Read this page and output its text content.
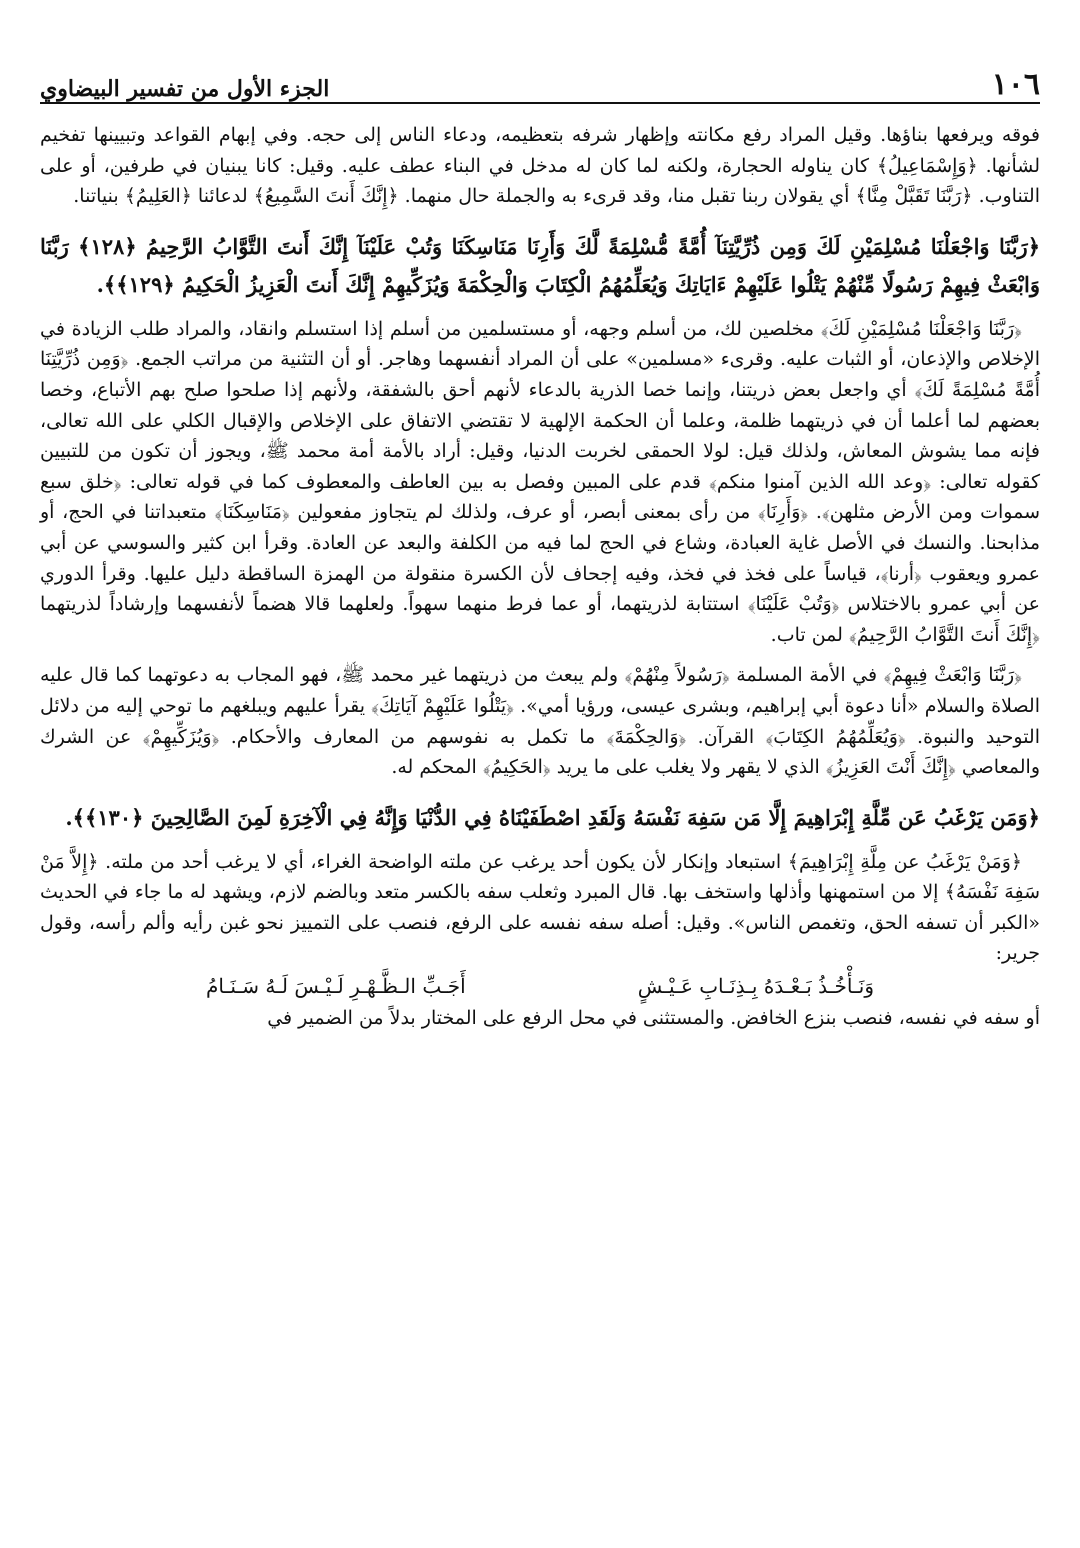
١٠٦
الجزء الأول من تفسير البيضاوي

فوقه ويرفعها بناؤها. وقيل المراد رفع مكانته وإظهار شرفه بتعظيمه، ودعاء الناس إلى حجه. وفي إبهام القواعد وتبيينها تفخيم لشأنها. ﴿وَإِسْمَاعِيلُ﴾ كان يناوله الحجارة، ولكنه لما كان له مدخل في البناء عطف عليه. وقيل: كانا يبنيان في طرفين، أو على التناوب. ﴿رَبَّنَا تَقَبَّلْ مِنَّا﴾ أي يقولان ربنا تقبل منا، وقد قرىء به والجملة حال منهما. ﴿إِنَّكَ أَنتَ السَّمِيعُ﴾ لدعائنا ﴿العَلِيمُ﴾ بنياتنا.

﴿رَبَّنَا وَاجْعَلْنَا مُسْلِمَيْنِ لَكَ وَمِن ذُرِّيَّتِنَآ أُمَّةً مُّسْلِمَةً لَّكَ وَأَرِنَا مَنَاسِكَنَا وَتُبْ عَلَيْنَآ إِنَّكَ أَنتَ التَّوَّابُ الرَّحِيمُ ﴿١٢٨﴾ رَبَّنَا وَابْعَثْ فِيهِمْ رَسُولًا مِّنْهُمْ يَتْلُوا عَلَيْهِمْ ءَايَاتِكَ وَيُعَلِّمُهُمُ الْكِتَابَ وَالْحِكْمَةَ وَيُزَكِّيهِمْ إِنَّكَ أَنتَ الْعَزِيزُ الْحَكِيمُ ﴿١٢٩﴾﴾.

﴿رَبَّنَا وَاجْعَلْنَا مُسْلِمَيْنِ لَكَ﴾ مخلصين لك، من أسلم وجهه، أو مستسلمين من أسلم إذا استسلم وانقاد، والمراد طلب الزيادة في الإخلاص والإذعان، أو الثبات عليه. وقرىء «مسلمين» على أن المراد أنفسهما وهاجر. أو أن التثنية من مراتب الجمع. ﴿وَمِن ذُرِّيَّتِنَا أُمَّةً مُسْلِمَةً لَكَ﴾ أي واجعل بعض ذريتنا، وإنما خصا الذرية بالدعاء لأنهم أحق بالشفقة، ولأنهم إذا صلحوا صلح بهم الأتباع، وخصا بعضهم لما أعلما أن في ذريتهما ظلمة، وعلما أن الحكمة الإلهية لا تقتضي الاتفاق على الإخلاص والإقبال الكلي على الله تعالى، فإنه مما يشوش المعاش، ولذلك قيل: لولا الحمقى لخربت الدنيا، وقيل: أراد بالأمة أمة محمد ﷺ، ويجوز أن تكون من للتبيين كقوله تعالى: ﴿وعد الله الذين آمنوا منكم﴾ قدم على المبين وفصل به بين العاطف والمعطوف كما في قوله تعالى: ﴿خلق سبع سموات ومن الأرض مثلهن﴾. ﴿وَأَرِنَا﴾ من رأى بمعنى أبصر، أو عرف، ولذلك لم يتجاوز مفعولين ﴿مَنَاسِكَنَا﴾ متعبداتنا في الحج، أو مذابحنا. والنسك في الأصل غاية العبادة، وشاع في الحج لما فيه من الكلفة والبعد عن العادة. وقرأ ابن كثير والسوسي عن أبي عمرو ويعقوب ﴿أرنا﴾، قياساً على فخذ في فخذ، وفيه إجحاف لأن الكسرة منقولة من الهمزة الساقطة دليل عليها. وقرأ الدوري عن أبي عمرو بالاختلاس ﴿وَتُبْ عَلَيْنَا﴾ استتابة لذريتهما، أو عما فرط منهما سهواً. ولعلهما قالا هضماً لأنفسهما وإرشاداً لذريتهما ﴿إِنَّكَ أَنتَ التَّوَّابُ الرَّحِيمُ﴾ لمن تاب.

﴿رَبَّنَا وَابْعَثْ فِيهِمْ﴾ في الأمة المسلمة ﴿رَسُولاً مِنْهُمْ﴾ ولم يبعث من ذريتهما غير محمد ﷺ، فهو المجاب به دعوتهما كما قال عليه الصلاة والسلام «أنا دعوة أبي إبراهيم، وبشرى عيسى، ورؤيا أمي». ﴿يَتْلُوا عَلَيْهِمْ آيَاتِكَ﴾ يقرأ عليهم ويبلغهم ما توحي إليه من دلائل التوحيد والنبوة. ﴿وَيُعَلِّمُهُمُ الكِتَابَ﴾ القرآن. ﴿وَالحِكْمَةَ﴾ ما تكمل به نفوسهم من المعارف والأحكام. ﴿وَيُزَكِّيهِمْ﴾ عن الشرك والمعاصي ﴿إِنَّكَ أَنْتَ العَزِيزُ﴾ الذي لا يقهر ولا يغلب على ما يريد ﴿الحَكِيمُ﴾ المحكم له.

﴿وَمَن يَرْغَبُ عَن مِّلَّةِ إِبْرَاهِيمَ إِلَّا مَن سَفِهَ نَفْسَهُ وَلَقَدِ اصْطَفَيْنَاهُ فِي الدُّنْيَا وَإِنَّهُ فِي الْآخِرَةِ لَمِنَ الصَّالِحِينَ ﴿١٣٠﴾﴾.

﴿وَمَنْ يَرْغَبُ عن مِلَّةِ إِبْرَاهِيمَ﴾ استبعاد وإنكار لأن يكون أحد يرغب عن ملته الواضحة الغراء، أي لا يرغب أحد من ملته. ﴿إِلاَّ مَنْ سَفِهَ نَفْسَهُ﴾ إلا من استمهنها وأذلها واستخف بها. قال المبرد وثعلب سفه بالكسر متعد وبالضم لازم، ويشهد له ما جاء في الحديث «الكبر أن تسفه الحق، وتغمص الناس». وقيل: أصله سفه نفسه على الرفع، فنصب على التمييز نحو غبن رأيه وألم رأسه، وقول جرير:

وَنَـأْخُـذُ بَـعْـدَهُ بِـذِنَـابِ عَـيْـشٍ
أَجَـبِّ الـظَّـهْـرِ لَـيْـسَ لَـهُ سَـنَـامُ

أو سفه في نفسه، فنصب بنزع الخافض. والمستثنى في محل الرفع على المختار بدلاً من الضمير في
